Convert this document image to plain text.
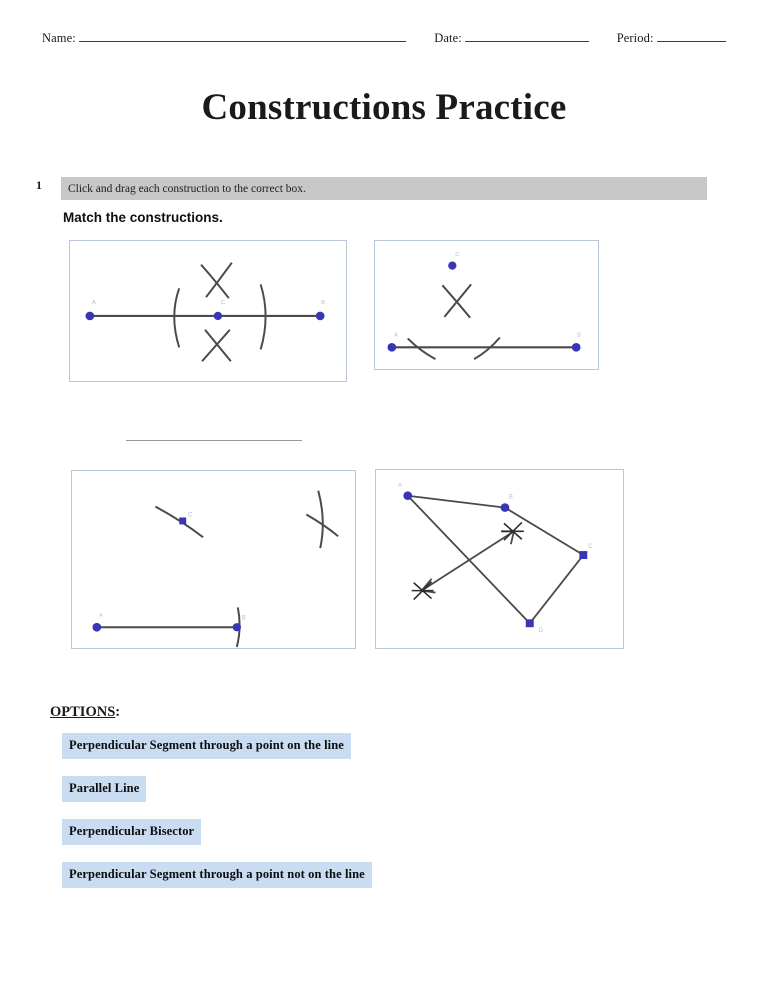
Name:	Date:	Period:
Constructions Practice
1 Click and drag each construction to the correct box.
Match the constructions.
A	C	B
C
A	B
C
A	B
A
B
C
D
OPTIONS:
Perpendicular Segment through a point on the line
Parallel Line
Perpendicular Bisector
Perpendicular Segment through a point not on the line
